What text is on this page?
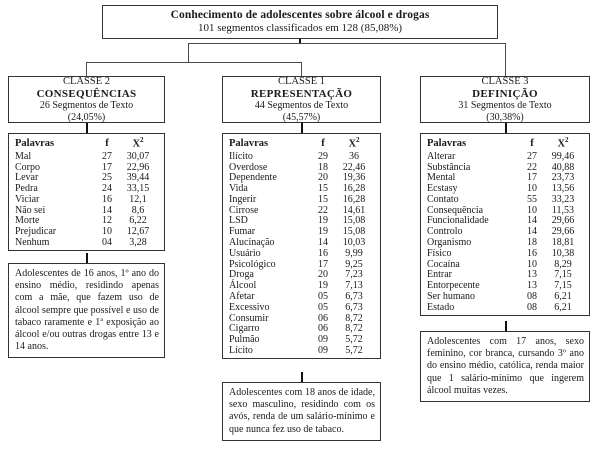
Conhecimento de adolescentes sobre álcool e drogas
101 segmentos classificados em 128 (85,08%)
CLASSE 2
CONSEQUÊNCIAS
26 Segmentos de Texto
(24,05%)
Palavras	f	$X^2$
Mal	27	30,07
Corpo	17	22,96
Levar	25	39,44
Pedra	24	33,15
Viciar	16	12,1
Não sei	14	8,6
Morte	12	6,22
Prejudicar	10	12,67
Nenhum	04	3,28
Adolescentes de 16 anos, 1º ano do ensino médio, residindo apenas com a mãe, que fazem uso de álcool sempre que possível e uso de tabaco raramente e 1ª exposição ao álcool e/ou outras drogas entre 13 e 14 anos.
CLASSE 1
REPRESENTAÇÃO
44 Segmentos de Texto
(45,57%)
Palavras	f	$X^2$
Ilícito	29	36
Overdose	18	22,46
Dependente	20	19,36
Vida	15	16,28
Ingerir	15	16,28
Cirrose	22	14,61
LSD	19	15,08
Fumar	19	15,08
Alucinação	14	10,03
Usuário	16	9,99
Psicológico	17	9,25
Droga	20	7,23
Álcool	19	7,13
Afetar	05	6,73
Excessivo	05	6,73
Consumir	06	8,72
Cigarro	06	8,72
Pulmão	09	5,72
Lícito	09	5,72
Adolescentes com 18 anos de idade, sexo masculino, residindo com os avós, renda de um salário-mínimo e que nunca fez uso de tabaco.
CLASSE 3
DEFINIÇÃO
31 Segmentos de Texto
(30,38%)
Palavras	f	$X^2$
Alterar	27	99,46
Substância	22	40,88
Mental	17	23,73
Ecstasy	10	13,56
Contato	55	33,23
Consequência	10	11,53
Funcionalidade	14	29,66
Controlo	14	29,66
Organismo	18	18,81
Físico	16	10,38
Cocaína	10	8,29
Entrar	13	7,15
Entorpecente	13	7,15
Ser humano	08	6,21
Estado	08	6,21
Adolescentes com 17 anos, sexo feminino, cor branca, cursando 3º ano do ensino médio, católica, renda maior que 1 salário-mínimo que ingerem álcool muitas vezes.
